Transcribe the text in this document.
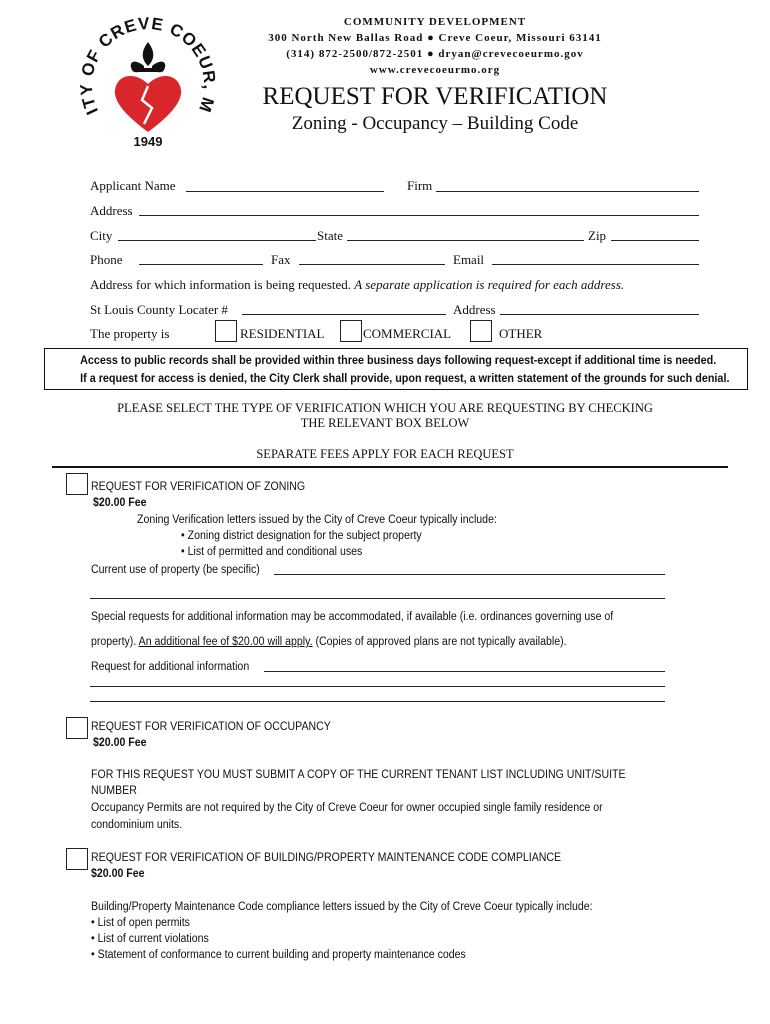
ITY OF CREVE COEUR, M
1949
COMMUNITY DEVELOPMENT
300 North New Ballas Road ● Creve Coeur, Missouri 63141
(314) 872-2500/872-2501 ● dryan@crevecoeurmo.gov
www.crevecoeurmo.org
REQUEST FOR VERIFICATION
Zoning - Occupancy – Building Code
Applicant Name	Firm
Address
City	State	Zip
Phone	Fax	Email
Address for which information is being requested. A separate application is required for each address.
St Louis County Locater #	Address
The property is	RESIDENTIAL	COMMERCIAL	OTHER
Access to public records shall be provided within three business days following request-except if additional time is needed.
If a request for access is denied, the City Clerk shall provide, upon request, a written statement of the grounds for such denial.
PLEASE SELECT THE TYPE OF VERIFICATION WHICH YOU ARE REQUESTING BY CHECKING
THE RELEVANT BOX BELOW
SEPARATE FEES APPLY FOR EACH REQUEST
REQUEST FOR VERIFICATION OF ZONING
$20.00 Fee
Zoning Verification letters issued by the City of Creve Coeur typically include:
• Zoning district designation for the subject property
• List of permitted and conditional uses
Current use of property (be specific)
Special requests for additional information may be accommodated, if available (i.e. ordinances governing use of
property). An additional fee of $20.00 will apply. (Copies of approved plans are not typically available).
Request for additional information
REQUEST FOR VERIFICATION OF OCCUPANCY
$20.00 Fee
FOR THIS REQUEST YOU MUST SUBMIT A COPY OF THE CURRENT TENANT LIST INCLUDING UNIT/SUITE
NUMBER
Occupancy Permits are not required by the City of Creve Coeur for owner occupied single family residence or
condominium units.
REQUEST FOR VERIFICATION OF BUILDING/PROPERTY MAINTENANCE CODE COMPLIANCE
$20.00 Fee
Building/Property Maintenance Code compliance letters issued by the City of Creve Coeur typically include:
• List of open permits
• List of current violations
• Statement of conformance to current building and property maintenance codes
